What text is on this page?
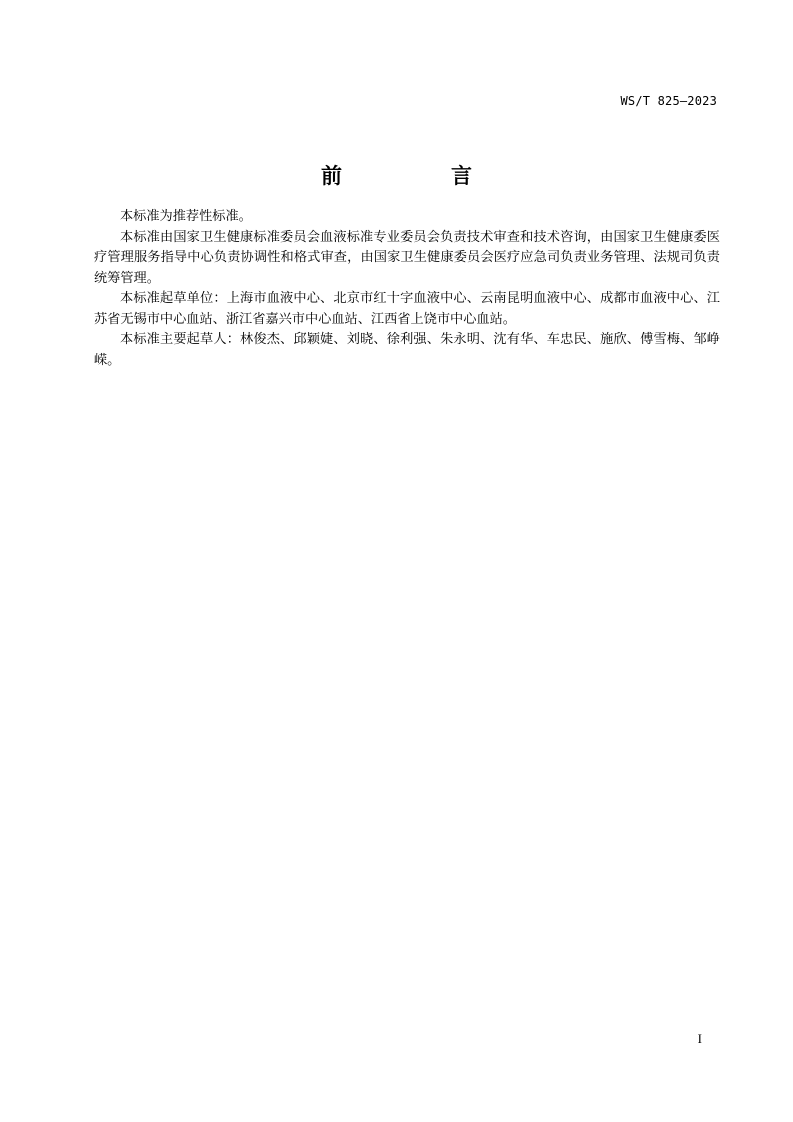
WS/T 825—2023
前　言

本标准为推荐性标准。

本标准由国家卫生健康标准委员会血液标准专业委员会负责技术审查和技术咨询，由国家卫生健康委医疗管理服务指导中心负责协调性和格式审查，由国家卫生健康委员会医疗应急司负责业务管理、法规司负责统筹管理。

本标准起草单位：上海市血液中心、北京市红十字血液中心、云南昆明血液中心、成都市血液中心、江苏省无锡市中心血站、浙江省嘉兴市中心血站、江西省上饶市中心血站。

本标准主要起草人：林俊杰、邱颖婕、刘晓、徐利强、朱永明、沈有华、车忠民、施欣、傅雪梅、邹峥嵘。

I
